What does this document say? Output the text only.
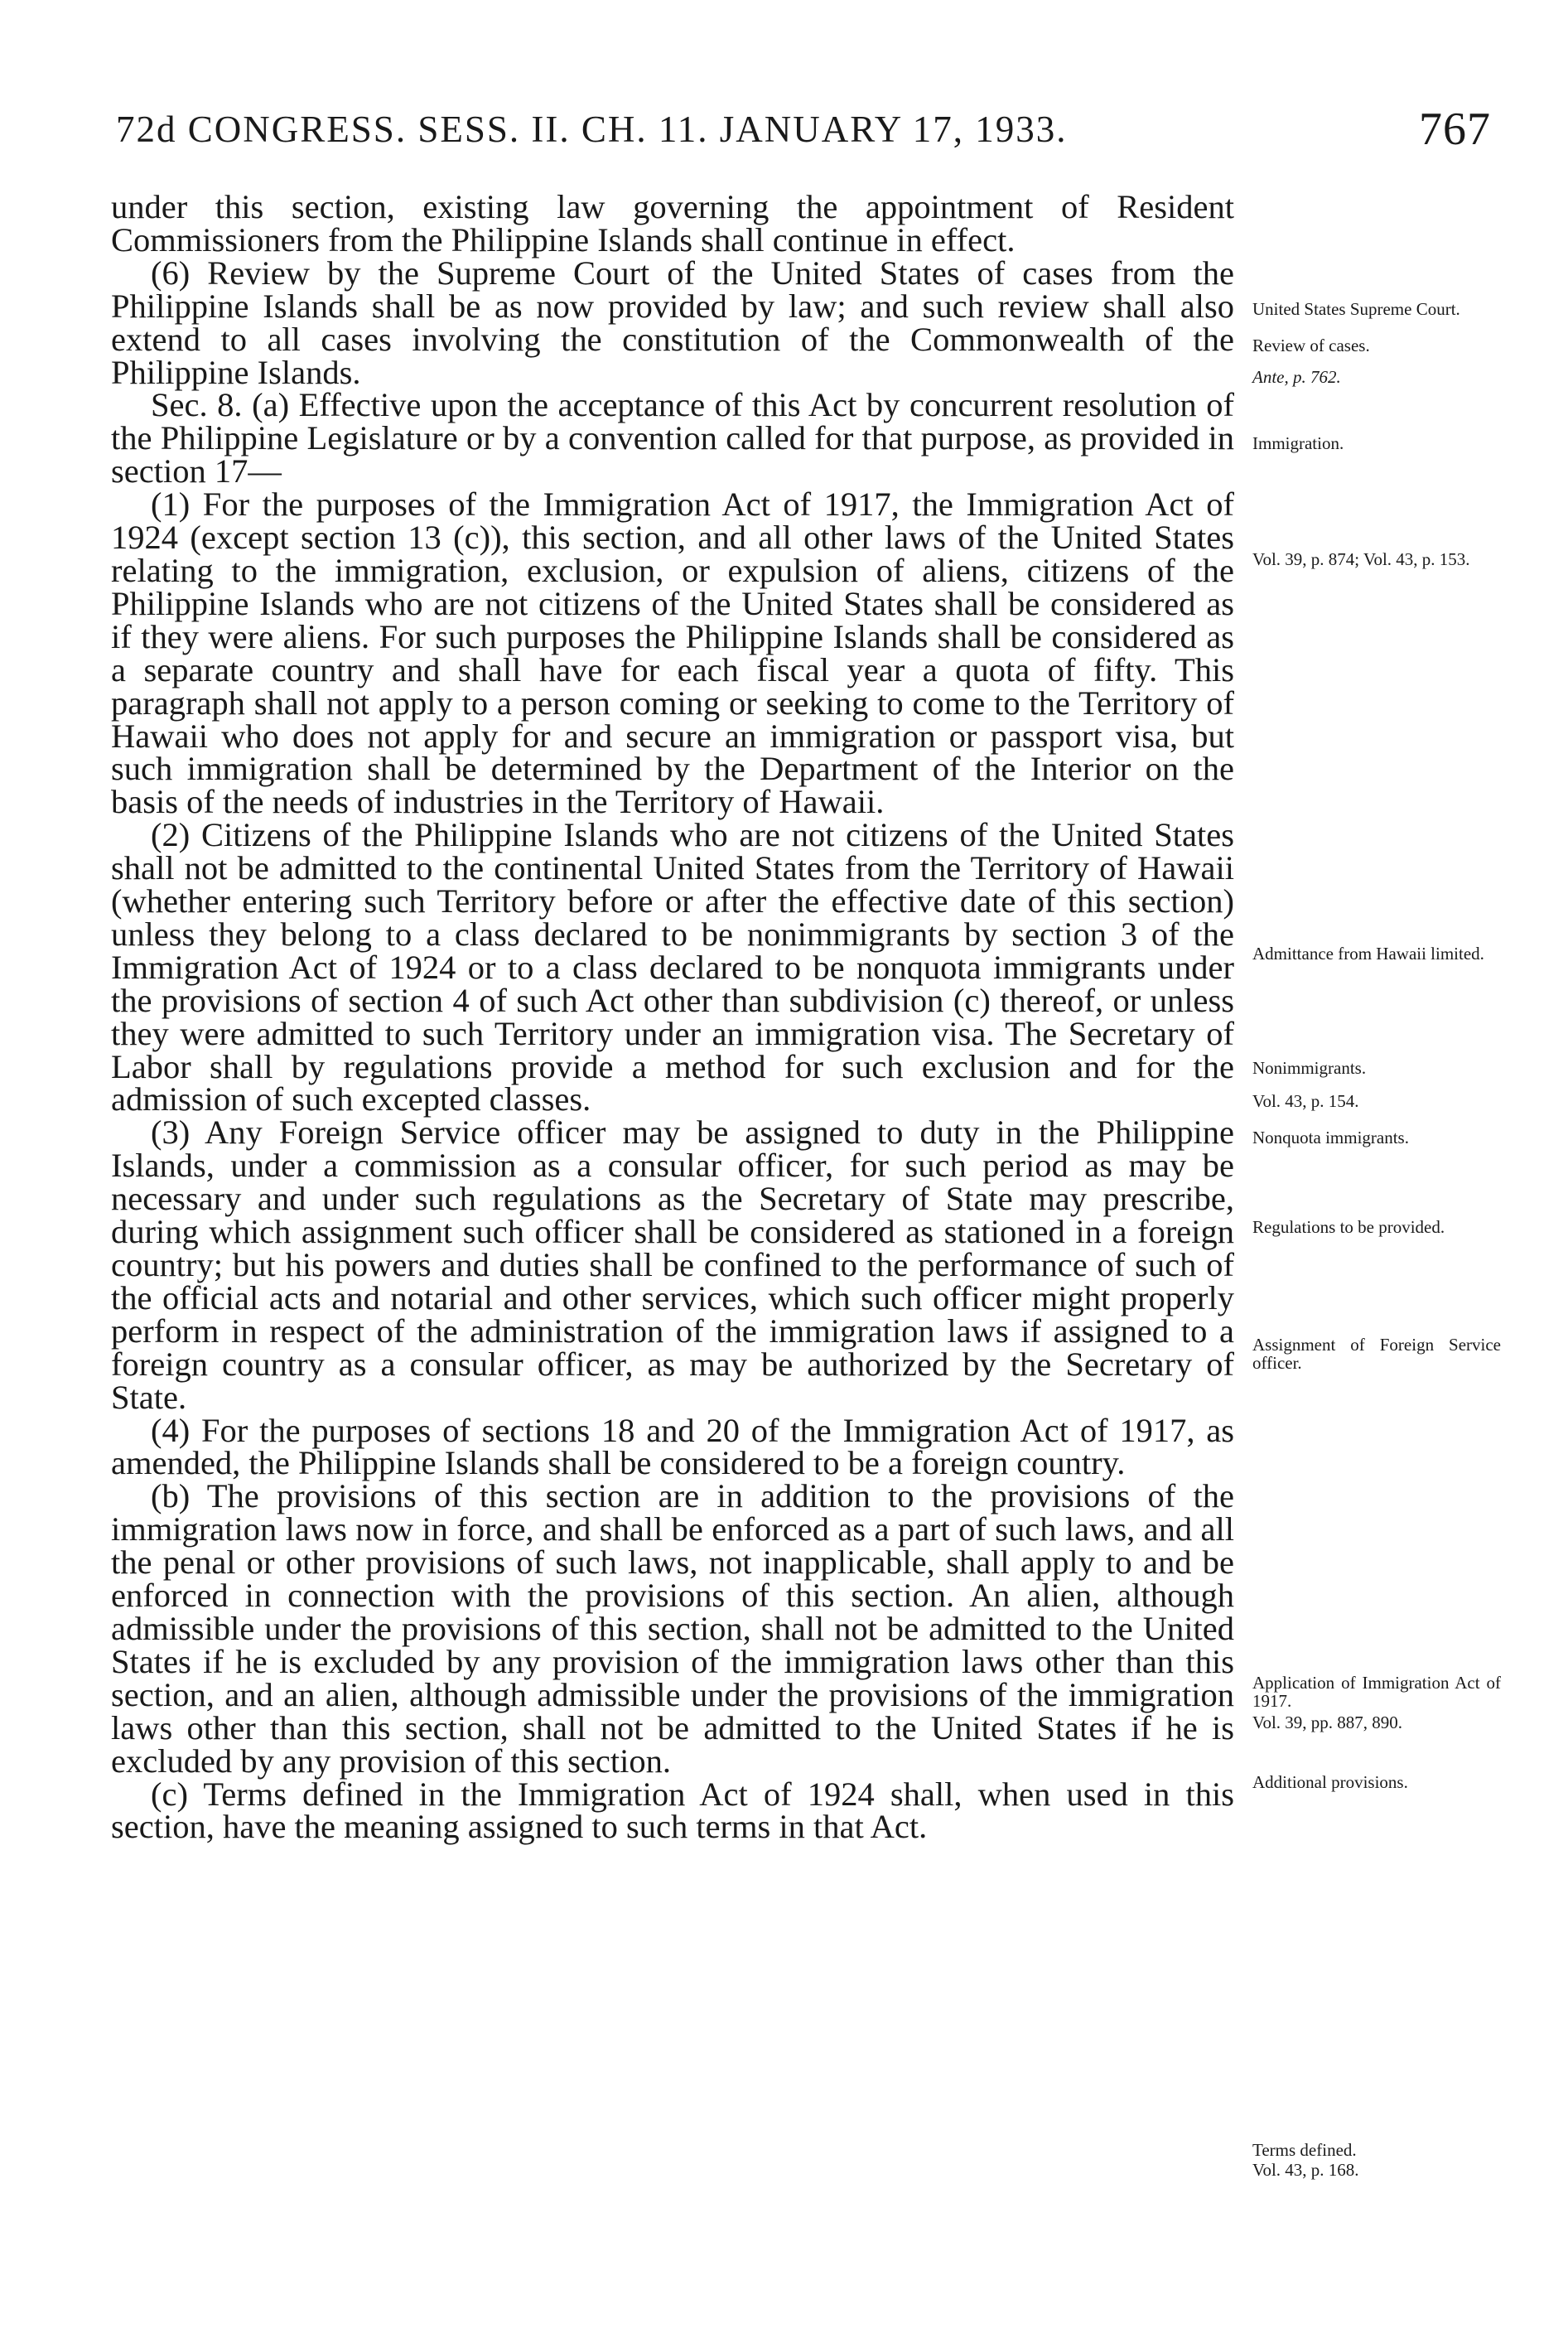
72d CONGRESS. SESS. II. CH. 11. JANUARY 17, 1933.	767

under this section, existing law governing the appointment of Resident Commissioners from the Philippine Islands shall continue in effect.

(6) Review by the Supreme Court of the United States of cases from the Philippine Islands shall be as now provided by law; and such review shall also extend to all cases involving the constitution of the Commonwealth of the Philippine Islands.

Sec. 8. (a) Effective upon the acceptance of this Act by concurrent resolution of the Philippine Legislature or by a convention called for that purpose, as provided in section 17—

(1) For the purposes of the Immigration Act of 1917, the Immigration Act of 1924 (except section 13 (c)), this section, and all other laws of the United States relating to the immigration, exclusion, or expulsion of aliens, citizens of the Philippine Islands who are not citizens of the United States shall be considered as if they were aliens. For such purposes the Philippine Islands shall be considered as a separate country and shall have for each fiscal year a quota of fifty. This paragraph shall not apply to a person coming or seeking to come to the Territory of Hawaii who does not apply for and secure an immigration or passport visa, but such immigration shall be determined by the Department of the Interior on the basis of the needs of industries in the Territory of Hawaii.

(2) Citizens of the Philippine Islands who are not citizens of the United States shall not be admitted to the continental United States from the Territory of Hawaii (whether entering such Territory before or after the effective date of this section) unless they belong to a class declared to be nonimmigrants by section 3 of the Immigration Act of 1924 or to a class declared to be nonquota immigrants under the provisions of section 4 of such Act other than subdivision (c) thereof, or unless they were admitted to such Territory under an immigration visa. The Secretary of Labor shall by regulations provide a method for such exclusion and for the admission of such excepted classes.

(3) Any Foreign Service officer may be assigned to duty in the Philippine Islands, under a commission as a consular officer, for such period as may be necessary and under such regulations as the Secretary of State may prescribe, during which assignment such officer shall be considered as stationed in a foreign country; but his powers and duties shall be confined to the performance of such of the official acts and notarial and other services, which such officer might properly perform in respect of the administration of the immigration laws if assigned to a foreign country as a consular officer, as may be authorized by the Secretary of State.

(4) For the purposes of sections 18 and 20 of the Immigration Act of 1917, as amended, the Philippine Islands shall be considered to be a foreign country.

(b) The provisions of this section are in addition to the provisions of the immigration laws now in force, and shall be enforced as a part of such laws, and all the penal or other provisions of such laws, not inapplicable, shall apply to and be enforced in connection with the provisions of this section. An alien, although admissible under the provisions of this section, shall not be admitted to the United States if he is excluded by any provision of the immigration laws other than this section, and an alien, although admissible under the provisions of the immigration laws other than this section, shall not be admitted to the United States if he is excluded by any provision of this section.

(c) Terms defined in the Immigration Act of 1924 shall, when used in this section, have the meaning assigned to such terms in that Act.

United States Supreme Court.
Review of cases.
Ante, p. 762.
Immigration.
Vol. 39, p. 874; Vol. 43, p. 153.
Admittance from Hawaii limited.
Nonimmigrants.
Vol. 43, p. 154.
Nonquota immigrants.
Regulations to be provided.
Assignment of Foreign Service officer.
Application of Immigration Act of 1917.
Vol. 39, pp. 887, 890.
Additional provisions.
Terms defined.
Vol. 43, p. 168.
